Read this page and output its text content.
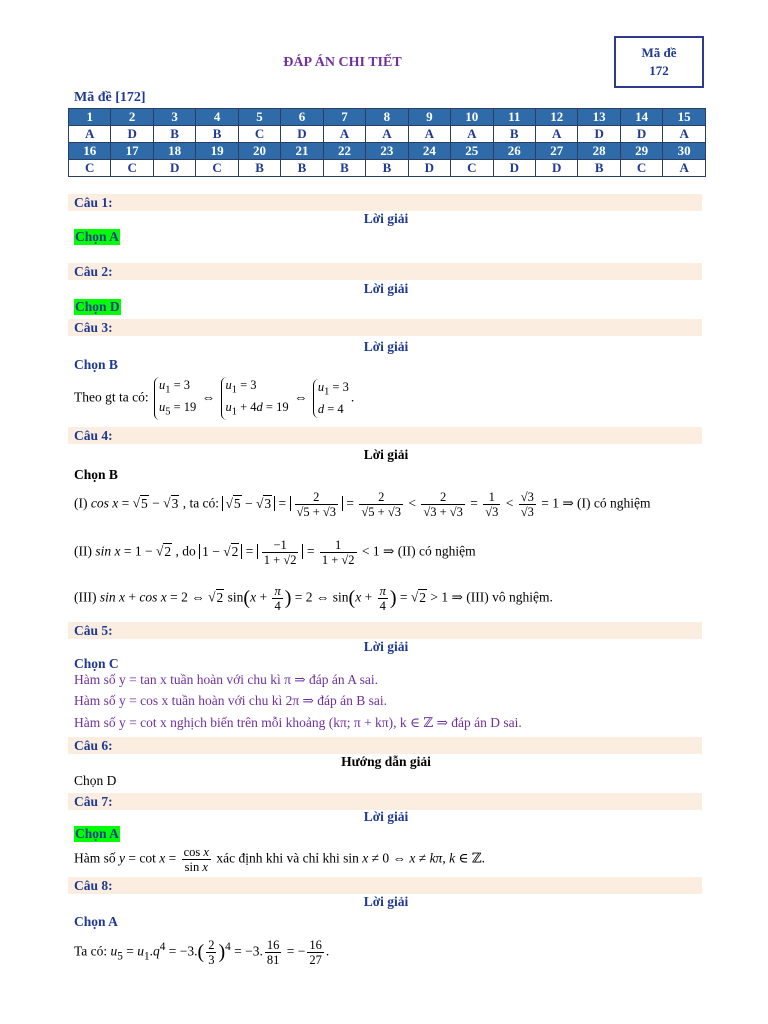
ĐÁP ÁN CHI TIẾT
Mã đề
172
Mã đề [172]
1	2	3	4	5	6	7	8	9	10	11	12	13	14	15
A	D	B	B	C	D	A	A	A	A	B	A	D	D	A
16	17	18	19	20	21	22	23	24	25	26	27	28	29	30
C	C	D	C	B	B	B	B	D	C	D	D	B	C	A
Câu 1:
Lời giải
Chọn A
Câu 2:
Lời giải
Chọn D
Câu 3:
Lời giải
Chọn B
Theo gt ta có:
$u_1 = 3$
$u_5 = 19$
⇔
$u_1 = 3$
$u_1 + 4d = 19$
⇔
$u_1 = 3$
d = 4
.
Câu 4:
Lời giải
Chọn B
(I) cos x = √5 − √3 , ta có: $√5 - √3 = \frac{2}{√5 + √3} = \frac{2}{√5 + √3} < \frac{2}{√3 + √3} = \frac{1}{√3} < \frac{√3}{√3} = 1$ ⇒ (I) có nghiệm
(II) sin x = 1 − √2 , do $1 - √2 = \frac{-1}{1 + √2} = \frac{1}{1 + √2} < 1$ ⇒ (II) có nghiệm
(III) sin x + cos x = 2 ⇔ √2 $\sin(x + \frac{\pi}{4}$ ) = 2 ⇔ $\sin(x + \frac{\pi}{4}$ ) = √2 > 1 ⇒ (III) vô nghiệm.
Câu 5:
Lời giải
Chọn C
Hàm số y = tan x tuần hoàn với chu kì π ⇒ đáp án A sai.
Hàm số y = cos x tuần hoàn với chu kì 2π ⇒ đáp án B sai.
Hàm số y = cot x nghịch biến trên mỗi khoảng (kπ; π + kπ), k ∈ ℤ ⇒ đáp án D sai.
Câu 6:
Hướng dẫn giải
Chọn D
Câu 7:
Lời giải
Chọn A
Hàm số $y = \cot x = \frac{\text{cos x}}{\text{sin x}}$ xác định khi và chỉ khi sin x ≠ 0 ⇔ x ≠ kπ, k ∈ ℤ.
Câu 8:
Lời giải
Chọn A
Ta có: $u_5 = u_1.q^4 = -3.( \frac{2}{3} )^4 = -3$. $\frac{16}{81}$ = − $\frac{16}{27}$ .
